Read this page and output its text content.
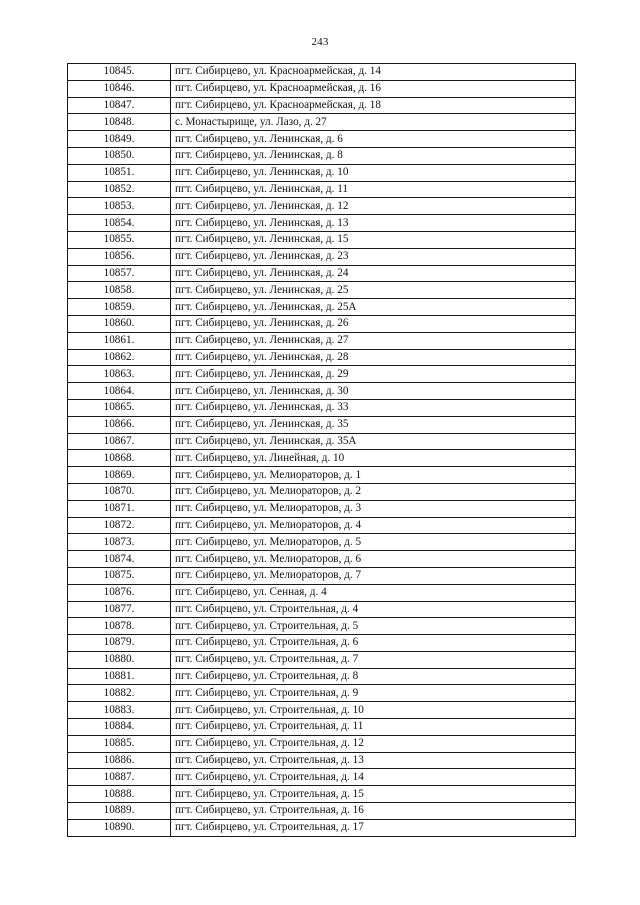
243
10845.	пгт. Сибирцево, ул. Красноармейская, д. 14
10846.	пгт. Сибирцево, ул. Красноармейская, д. 16
10847.	пгт. Сибирцево, ул. Красноармейская, д. 18
10848.	с. Монастырище, ул. Лазо, д. 27
10849.	пгт. Сибирцево, ул. Ленинская, д. 6
10850.	пгт. Сибирцево, ул. Ленинская, д. 8
10851.	пгт. Сибирцево, ул. Ленинская, д. 10
10852.	пгт. Сибирцево, ул. Ленинская, д. 11
10853.	пгт. Сибирцево, ул. Ленинская, д. 12
10854.	пгт. Сибирцево, ул. Ленинская, д. 13
10855.	пгт. Сибирцево, ул. Ленинская, д. 15
10856.	пгт. Сибирцево, ул. Ленинская, д. 23
10857.	пгт. Сибирцево, ул. Ленинская, д. 24
10858.	пгт. Сибирцево, ул. Ленинская, д. 25
10859.	пгт. Сибирцево, ул. Ленинская, д. 25А
10860.	пгт. Сибирцево, ул. Ленинская, д. 26
10861.	пгт. Сибирцево, ул. Ленинская, д. 27
10862.	пгт. Сибирцево, ул. Ленинская, д. 28
10863.	пгт. Сибирцево, ул. Ленинская, д. 29
10864.	пгт. Сибирцево, ул. Ленинская, д. 30
10865.	пгт. Сибирцево, ул. Ленинская, д. 33
10866.	пгт. Сибирцево, ул. Ленинская, д. 35
10867.	пгт. Сибирцево, ул. Ленинская, д. 35А
10868.	пгт. Сибирцево, ул. Линейная, д. 10
10869.	пгт. Сибирцево, ул. Мелиораторов, д. 1
10870.	пгт. Сибирцево, ул. Мелиораторов, д. 2
10871.	пгт. Сибирцево, ул. Мелиораторов, д. 3
10872.	пгт. Сибирцево, ул. Мелиораторов, д. 4
10873.	пгт. Сибирцево, ул. Мелиораторов, д. 5
10874.	пгт. Сибирцево, ул. Мелиораторов, д. 6
10875.	пгт. Сибирцево, ул. Мелиораторов, д. 7
10876.	пгт. Сибирцево, ул. Сенная, д. 4
10877.	пгт. Сибирцево, ул. Строительная, д. 4
10878.	пгт. Сибирцево, ул. Строительная, д. 5
10879.	пгт. Сибирцево, ул. Строительная, д. 6
10880.	пгт. Сибирцево, ул. Строительная, д. 7
10881.	пгт. Сибирцево, ул. Строительная, д. 8
10882.	пгт. Сибирцево, ул. Строительная, д. 9
10883.	пгт. Сибирцево, ул. Строительная, д. 10
10884.	пгт. Сибирцево, ул. Строительная, д. 11
10885.	пгт. Сибирцево, ул. Строительная, д. 12
10886.	пгт. Сибирцево, ул. Строительная, д. 13
10887.	пгт. Сибирцево, ул. Строительная, д. 14
10888.	пгт. Сибирцево, ул. Строительная, д. 15
10889.	пгт. Сибирцево, ул. Строительная, д. 16
10890.	пгт. Сибирцево, ул. Строительная, д. 17
